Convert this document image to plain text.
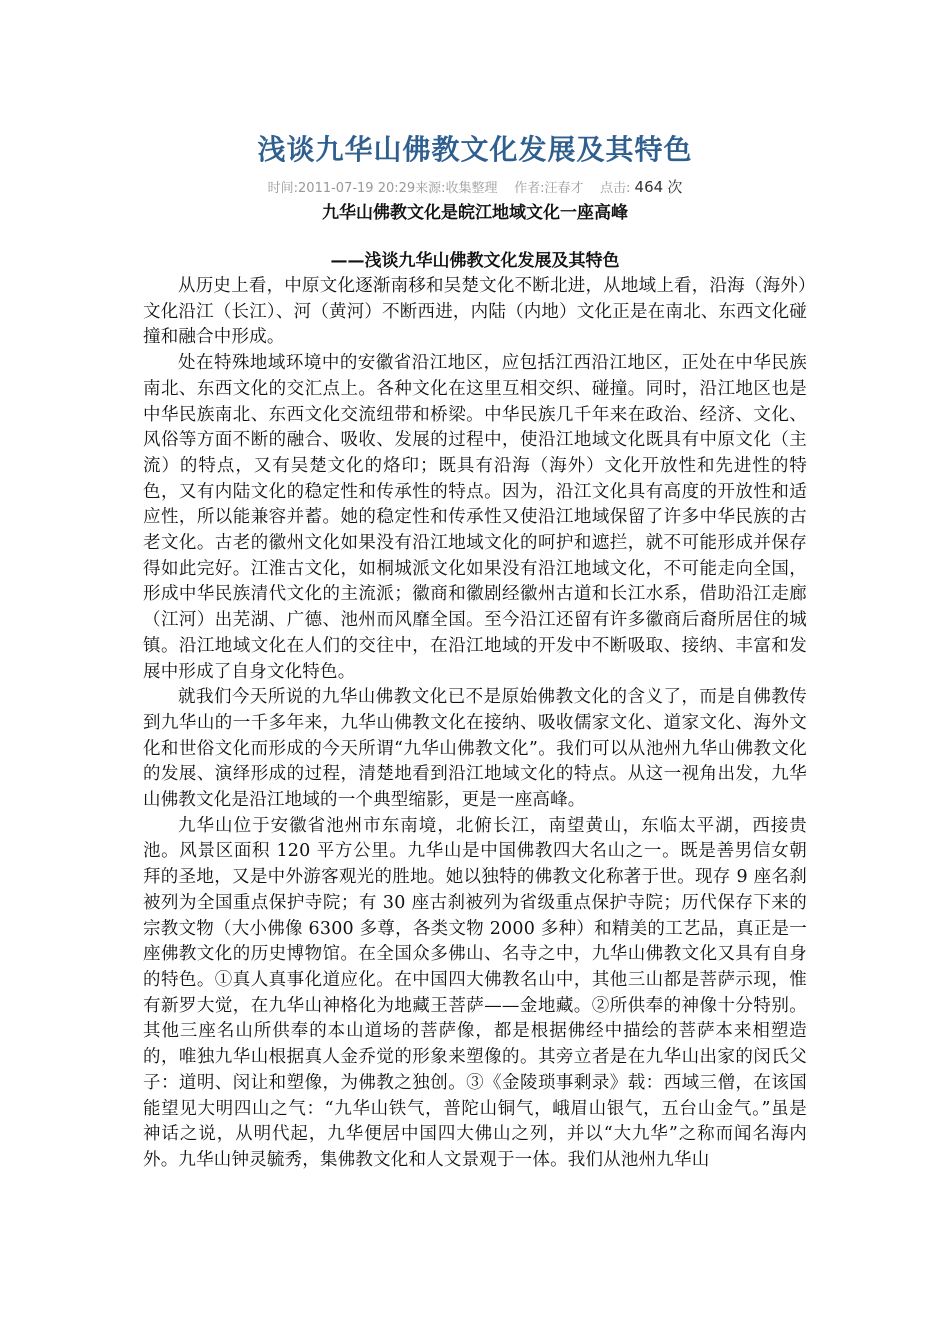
浅谈九华山佛教文化发展及其特色
时间:2011-07-19 20:29来源:收集整理 作者:汪春才 点击: 464 次
九华山佛教文化是皖江地域文化一座高峰
——浅谈九华山佛教文化发展及其特色

从历史上看，中原文化逐渐南移和吴楚文化不断北进，从地域上看，沿海（海外）文化沿江（长江）、河（黄河）不断西进，内陆（内地）文化正是在南北、东西文化碰撞和融合中形成。

处在特殊地域环境中的安徽省沿江地区，应包括江西沿江地区，正处在中华民族南北、东西文化的交汇点上。各种文化在这里互相交织、碰撞。同时，沿江地区也是中华民族南北、东西文化交流纽带和桥梁。中华民族几千年来在政治、经济、文化、风俗等方面不断的融合、吸收、发展的过程中，使沿江地域文化既具有中原文化（主流）的特点，又有吴楚文化的烙印；既具有沿海（海外）文化开放性和先进性的特色，又有内陆文化的稳定性和传承性的特点。因为，沿江文化具有高度的开放性和适应性，所以能兼容并蓄。她的稳定性和传承性又使沿江地域保留了许多中华民族的古老文化。古老的徽州文化如果没有沿江地域文化的呵护和遮拦，就不可能形成并保存得如此完好。江淮古文化，如桐城派文化如果没有沿江地域文化，不可能走向全国，形成中华民族清代文化的主流派；徽商和徽剧经徽州古道和长江水系，借助沿江走廊（江河）出芜湖、广德、池州而风靡全国。至今沿江还留有许多徽商后裔所居住的城镇。沿江地域文化在人们的交往中，在沿江地域的开发中不断吸取、接纳、丰富和发展中形成了自身文化特色。

就我们今天所说的九华山佛教文化已不是原始佛教文化的含义了，而是自佛教传到九华山的一千多年来，九华山佛教文化在接纳、吸收儒家文化、道家文化、海外文化和世俗文化而形成的今天所谓“九华山佛教文化”。我们可以从池州九华山佛教文化的发展、演绎形成的过程，清楚地看到沿江地域文化的特点。从这一视角出发，九华山佛教文化是沿江地域的一个典型缩影，更是一座高峰。

九华山位于安徽省池州市东南境，北俯长江，南望黄山，东临太平湖，西接贵池。风景区面积 120 平方公里。九华山是中国佛教四大名山之一。既是善男信女朝拜的圣地，又是中外游客观光的胜地。她以独特的佛教文化称著于世。现存 9 座名刹被列为全国重点保护寺院；有 30 座古刹被列为省级重点保护寺院；历代保存下来的宗教文物（大小佛像 6300 多尊，各类文物 2000 多种）和精美的工艺品，真正是一座佛教文化的历史博物馆。在全国众多佛山、名寺之中，九华山佛教文化又具有自身的特色。①真人真事化道应化。在中国四大佛教名山中，其他三山都是菩萨示现，惟有新罗大觉，在九华山神格化为地藏王菩萨——金地藏。②所供奉的神像十分特别。其他三座名山所供奉的本山道场的菩萨像，都是根据佛经中描绘的菩萨本来相塑造的，唯独九华山根据真人金乔觉的形象来塑像的。其旁立者是在九华山出家的闵氏父子：道明、闵让和塑像，为佛教之独创。③《金陵琐事剩录》载：西域三僧，在该国能望见大明四山之气：“九华山铁气，普陀山铜气，峨眉山银气，五台山金气。”虽是神话之说，从明代起，九华便居中国四大佛山之列，并以“大九华”之称而闻名海内外。九华山钟灵毓秀，集佛教文化和人文景观于一体。我们从池州九华山
